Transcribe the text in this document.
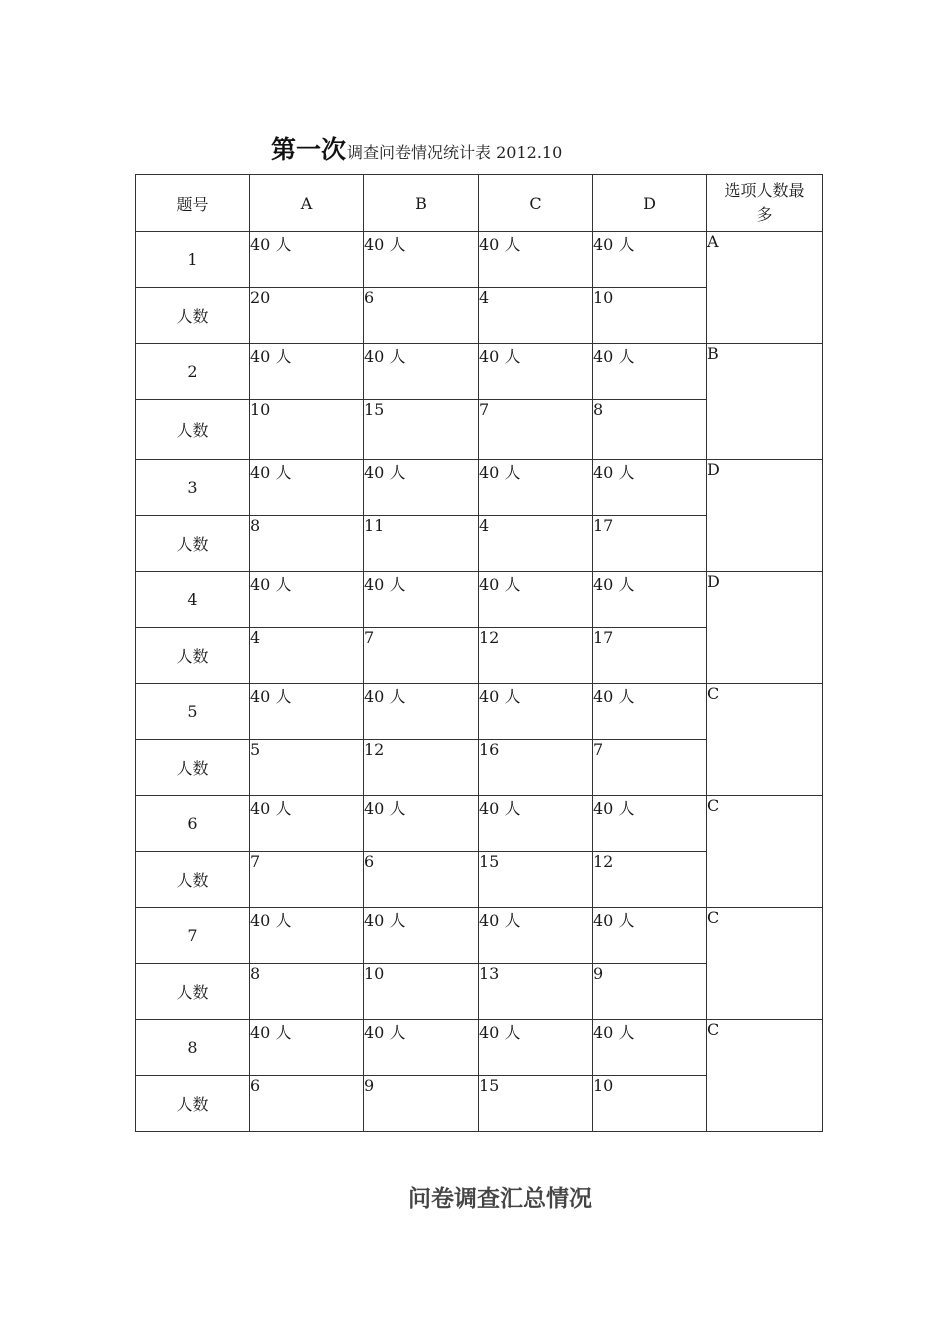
第一次 调查问卷情况统计表 2012.10
题号	A	B	C	D	选项人数最多
1	40 人	40 人	40 人	40 人	A
人数	20	6	4	10	
2	40 人	40 人	40 人	40 人	B
人数	10	15	7	8	
3	40 人	40 人	40 人	40 人	D
人数	8	11	4	17	
4	40 人	40 人	40 人	40 人	D
人数	4	7	12	17	
5	40 人	40 人	40 人	40 人	C
人数	5	12	16	7	
6	40 人	40 人	40 人	40 人	C
人数	7	6	15	12	
7	40 人	40 人	40 人	40 人	C
人数	8	10	13	9	
8	40 人	40 人	40 人	40 人	C
人数	6	9	15	10	
问卷调查汇总情况
